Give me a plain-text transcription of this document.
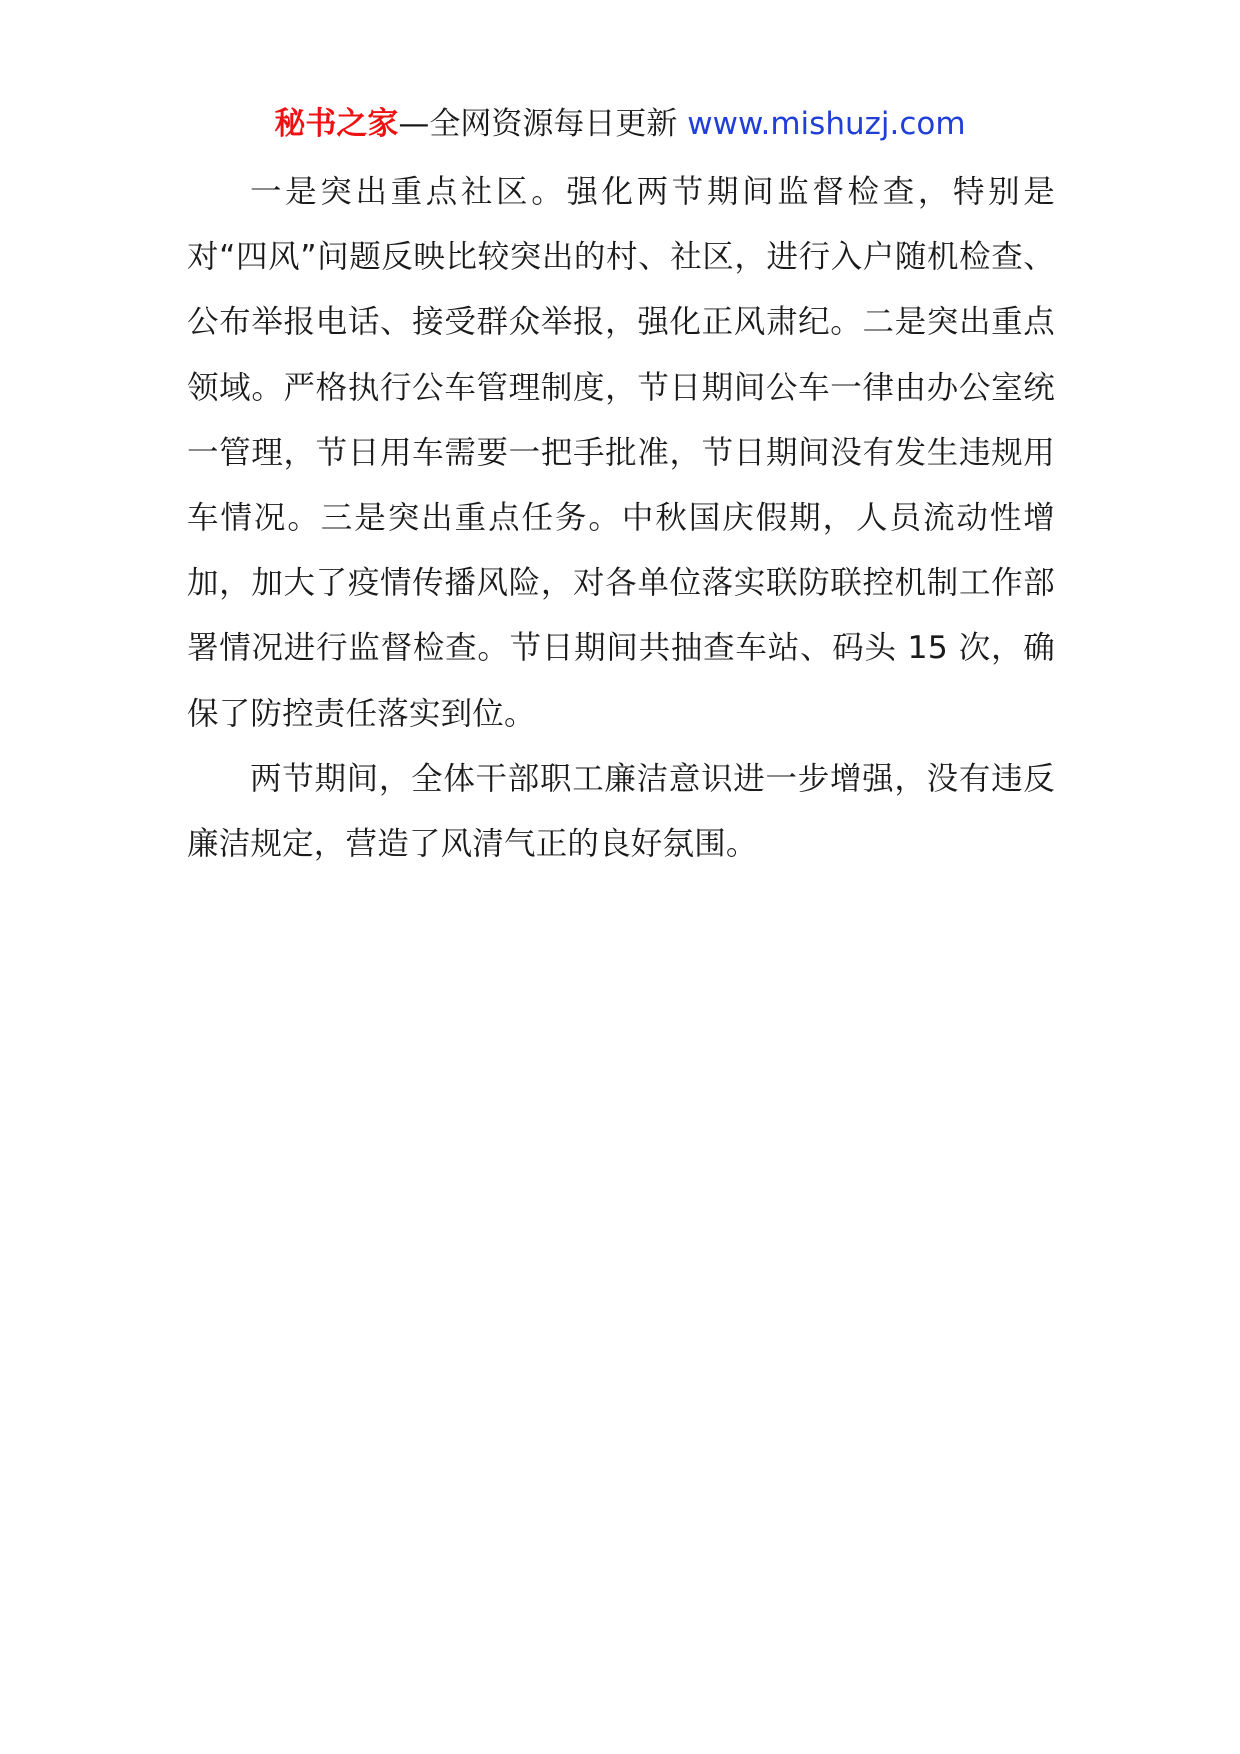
秘书之家—全网资源每日更新 www.mishuzj.com

一是突出重点社区。强化两节期间监督检查，特别是对“四风”问题反映比较突出的村、社区，进行入户随机检查、公布举报电话、接受群众举报，强化正风肃纪。二是突出重点领域。严格执行公车管理制度，节日期间公车一律由办公室统一管理，节日用车需要一把手批准，节日期间没有发生违规用车情况。三是突出重点任务。中秋国庆假期，人员流动性增加，加大了疫情传播风险，对各单位落实联防联控机制工作部署情况进行监督检查。节日期间共抽查车站、码头 15 次，确保了防控责任落实到位。

两节期间，全体干部职工廉洁意识进一步增强，没有违反廉洁规定，营造了风清气正的良好氛围。
